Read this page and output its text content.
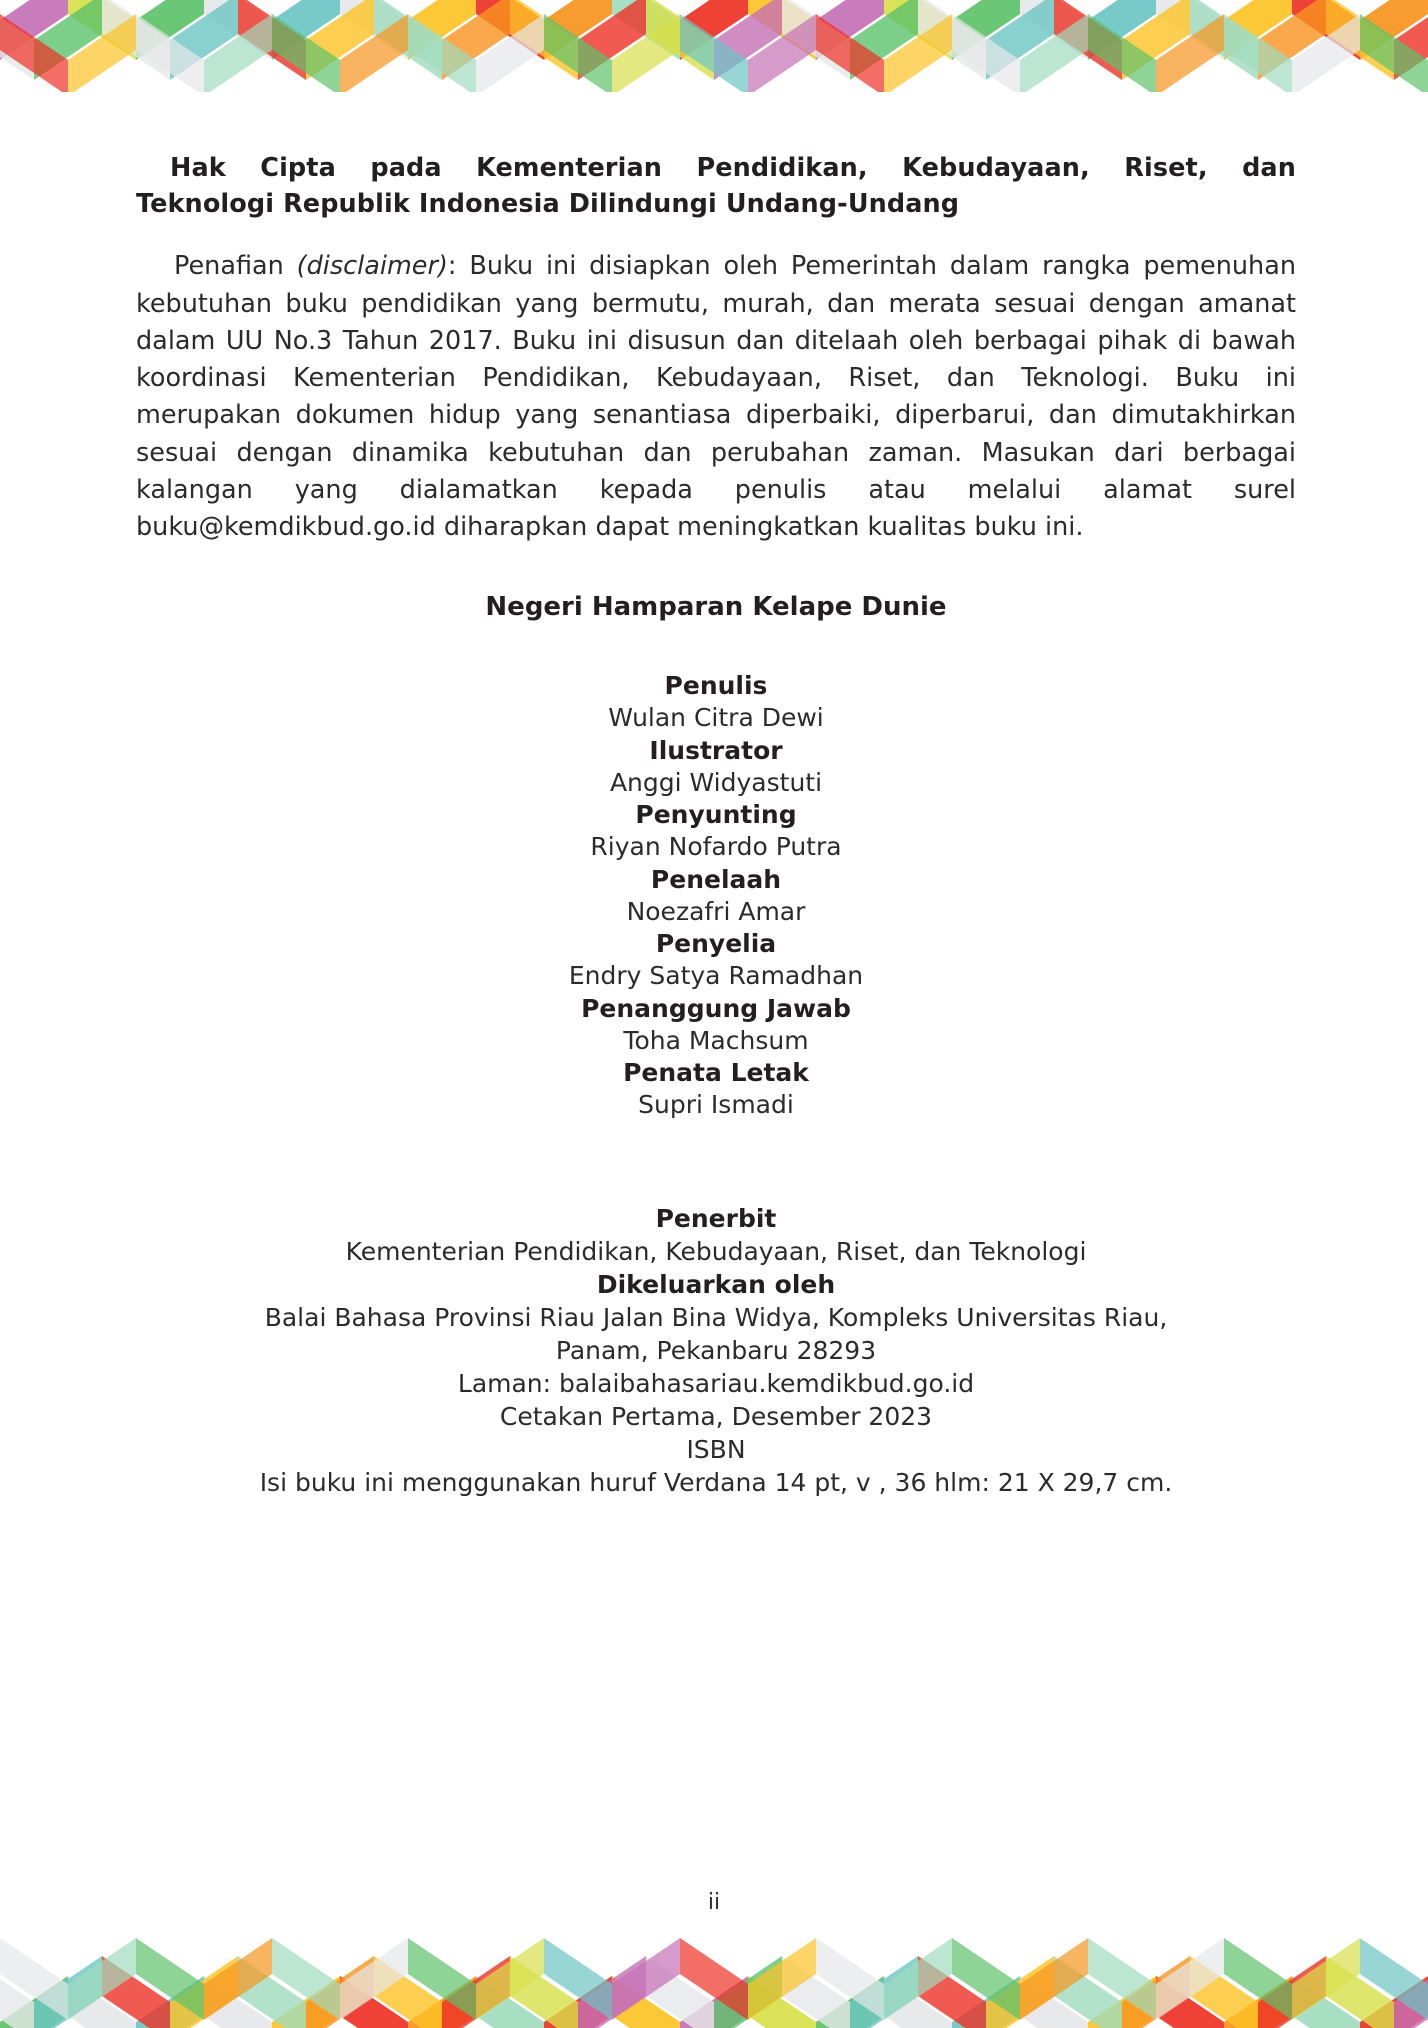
Hak Cipta pada Kementerian Pendidikan, Kebudayaan, Riset, dan
Teknologi Republik Indonesia Dilindungi Undang-Undang

Penafian (disclaimer): Buku ini disiapkan oleh Pemerintah dalam rangka pemenuhan kebutuhan buku pendidikan yang bermutu, murah, dan merata sesuai dengan amanat dalam UU No.3 Tahun 2017. Buku ini disusun dan ditelaah oleh berbagai pihak di bawah koordinasi Kementerian Pendidikan, Kebudayaan, Riset, dan Teknologi. Buku ini merupakan dokumen hidup yang senantiasa diperbaiki, diperbarui, dan dimutakhirkan sesuai dengan dinamika kebutuhan dan perubahan zaman. Masukan dari berbagai kalangan yang dialamatkan kepada penulis atau melalui alamat surel buku@kemdikbud.go.id diharapkan dapat meningkatkan kualitas buku ini.

Negeri Hamparan Kelape Dunie
Penulis
Wulan Citra Dewi
Ilustrator
Anggi Widyastuti
Penyunting
Riyan Nofardo Putra
Penelaah
Noezafri Amar
Penyelia
Endry Satya Ramadhan
Penanggung Jawab
Toha Machsum
Penata Letak
Supri Ismadi
Penerbit
Kementerian Pendidikan, Kebudayaan, Riset, dan Teknologi
Dikeluarkan oleh
Balai Bahasa Provinsi Riau Jalan Bina Widya, Kompleks Universitas Riau,
Panam, Pekanbaru 28293
Laman: balaibahasariau.kemdikbud.go.id
Cetakan Pertama, Desember 2023
ISBN
Isi buku ini menggunakan huruf Verdana 14 pt, v , 36 hlm: 21 X 29,7 cm.
ii
